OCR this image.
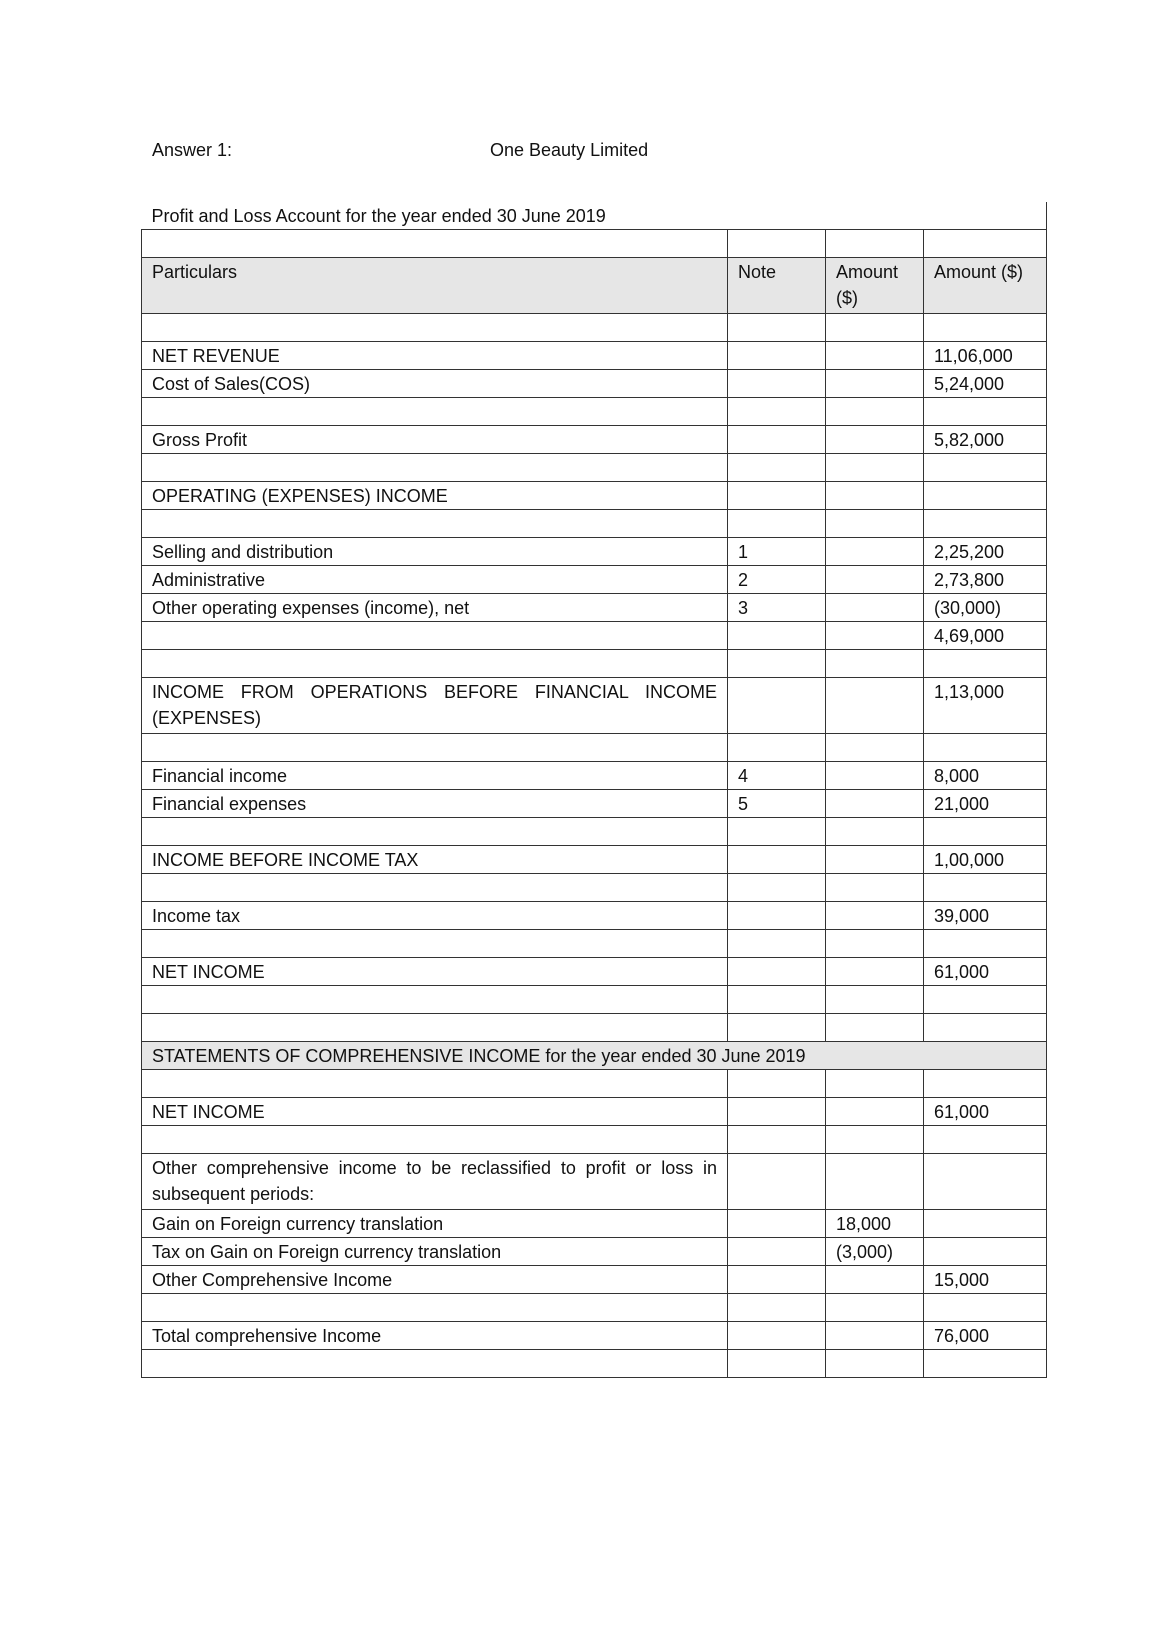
Answer 1:	One Beauty Limited
Profit and Loss Account for the year ended 30 June 2019			

Particulars	Note	Amount ($)	Amount ($)

NET REVENUE			11,06,000
Cost of Sales(COS)			5,24,000

Gross Profit			5,82,000

OPERATING (EXPENSES) INCOME			

Selling and distribution	1		2,25,200
Administrative	2		2,73,800
Other operating expenses (income), net	3		(30,000)
			4,69,000

INCOME FROM OPERATIONS BEFORE FINANCIAL INCOME (EXPENSES)			1,13,000

Financial income	4		8,000
Financial expenses	5		21,000

INCOME BEFORE INCOME TAX			1,00,000

Income tax			39,000

NET INCOME			61,000

STATEMENTS OF COMPREHENSIVE INCOME for the year ended 30 June 2019			

NET INCOME			61,000

Other comprehensive income to be reclassified to profit or loss in subsequent periods:			
Gain on Foreign currency translation		18,000	
Tax on Gain on Foreign currency translation		(3,000)	
Other Comprehensive Income			15,000

Total comprehensive Income			76,000
